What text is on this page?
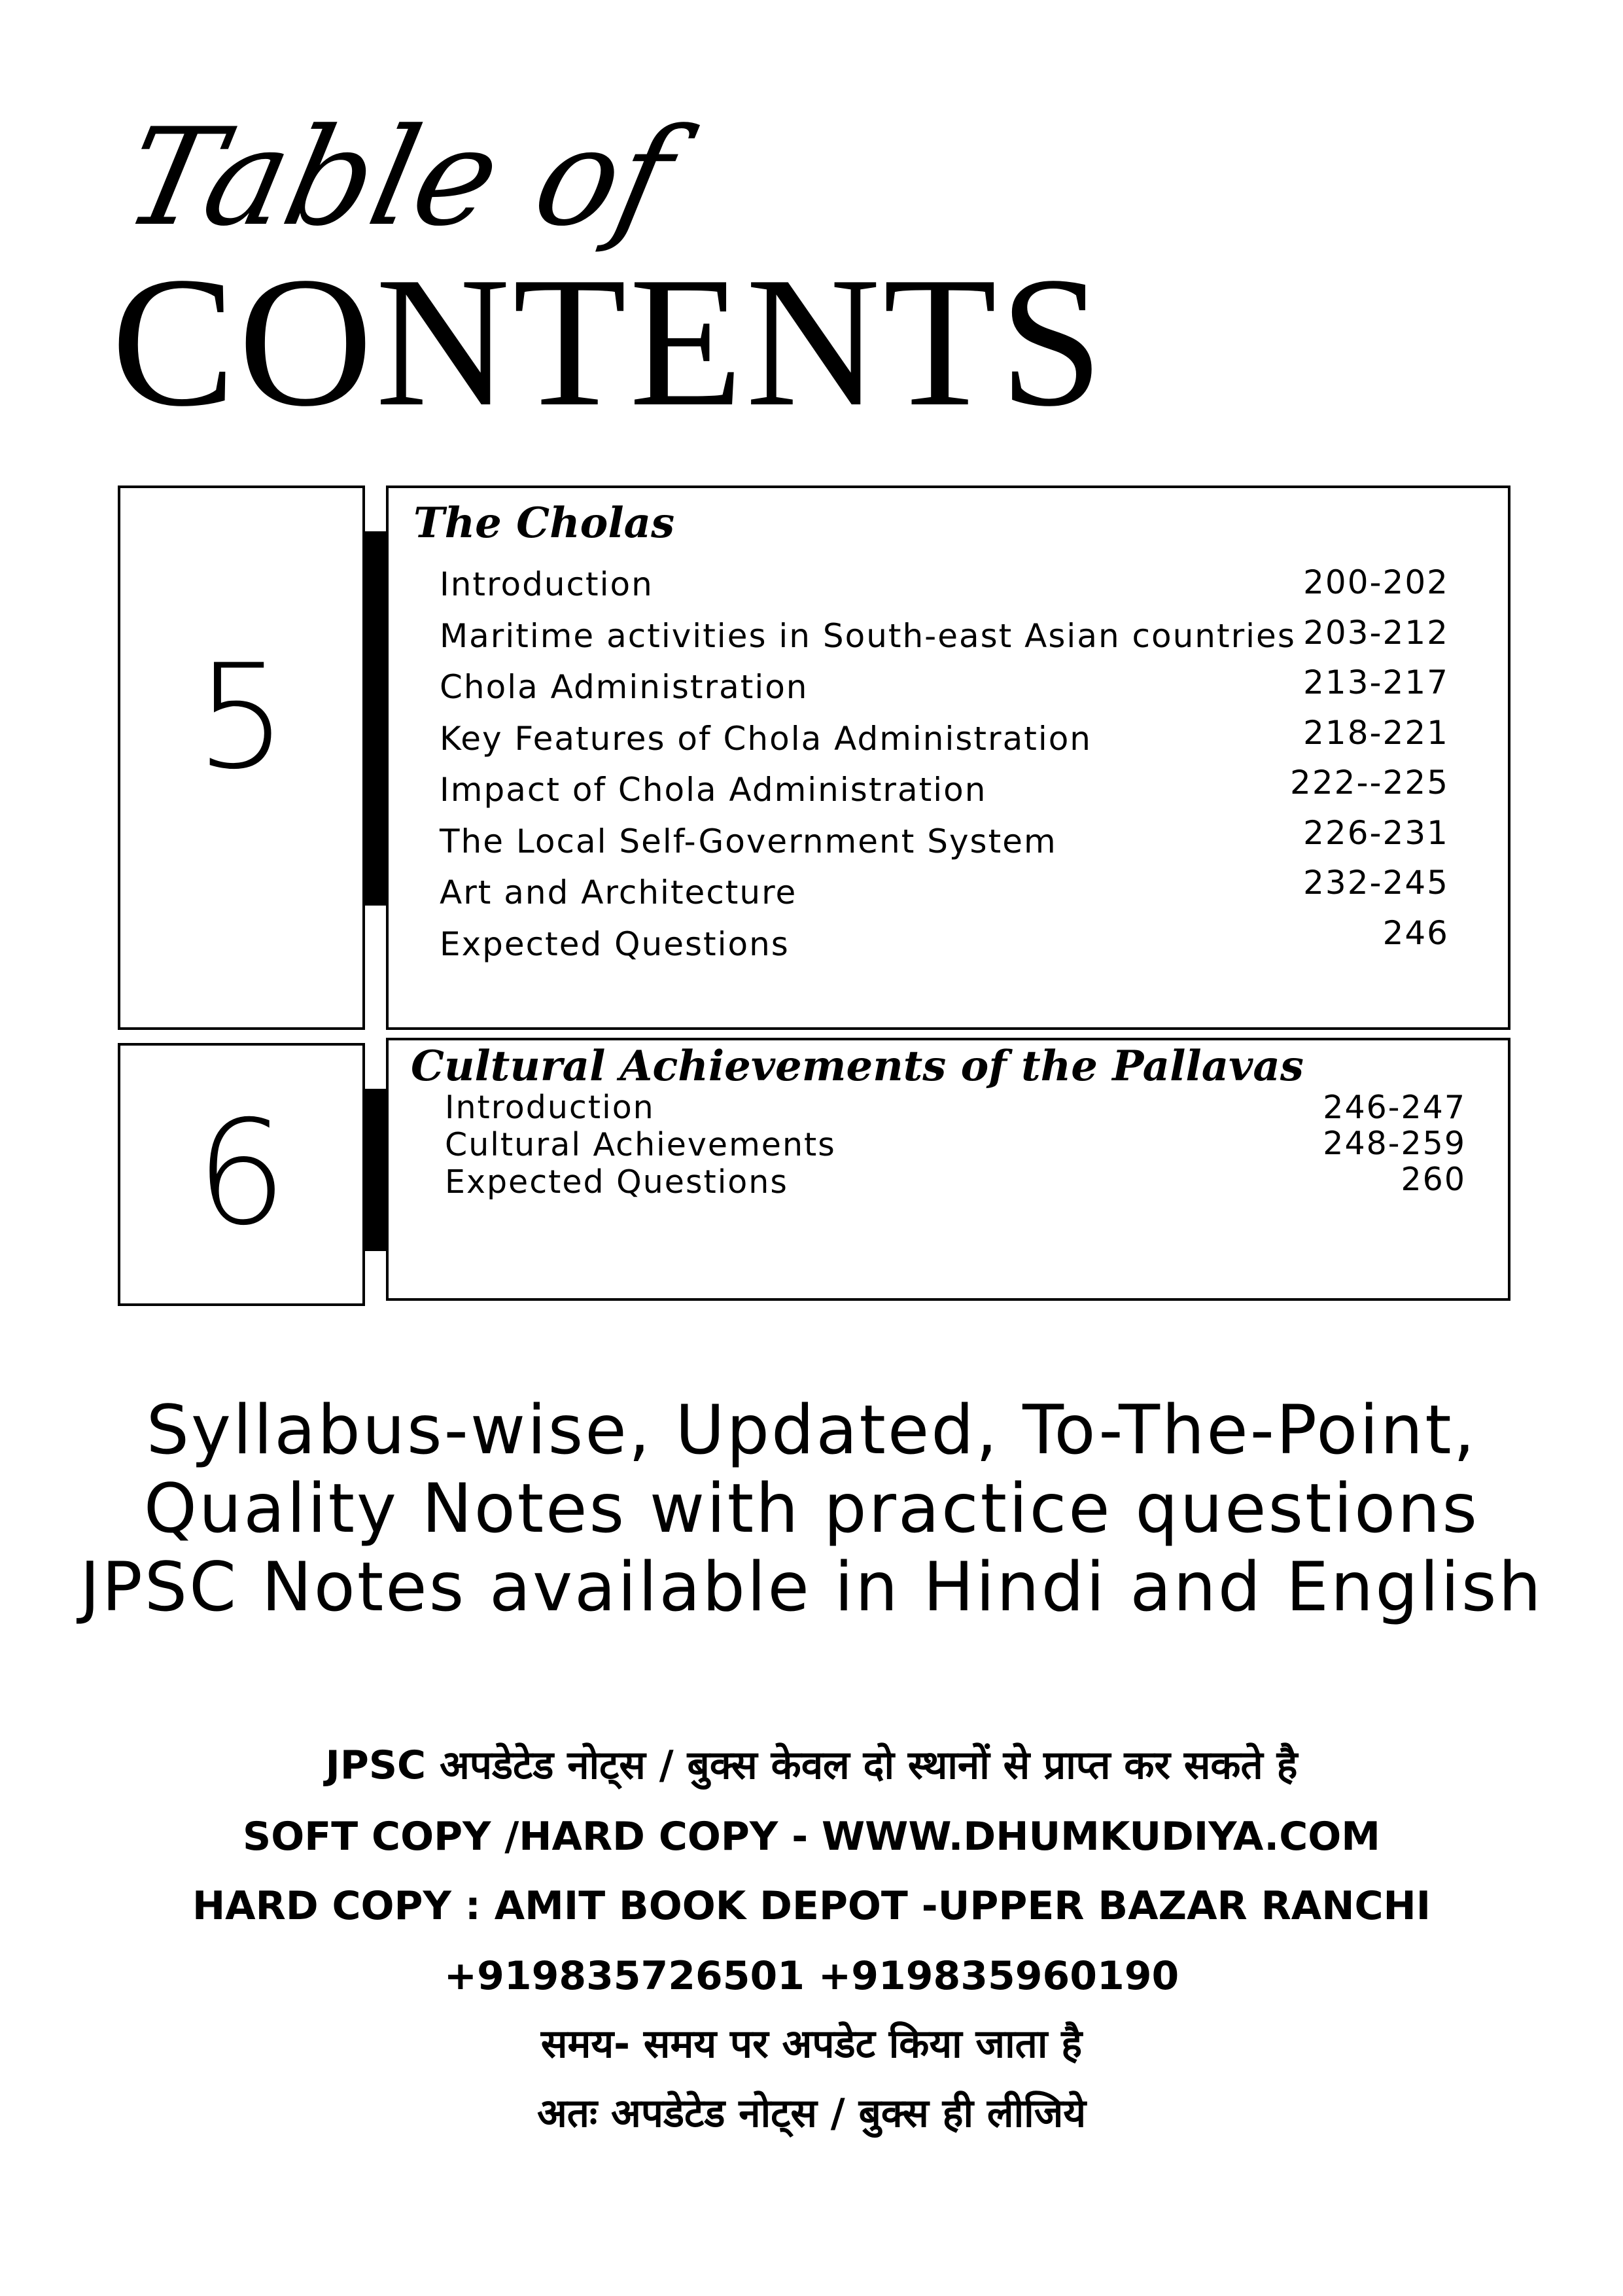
Table of
CONTENTS
5
The Cholas
Introduction	200-202
Maritime activities in South-east Asian countries 203-212
Chola Administration	213-217
Key Features of Chola Administration	218-221
Impact of Chola Administration	222--225
The Local Self-Government System	226-231
Art and Architecture	232-245
Expected Questions	246
6
Cultural Achievements of the Pallavas
Introduction	246-247
Cultural Achievements	248-259
Expected Questions	260
Syllabus-wise, Updated, To-The-Point,
Quality Notes with practice questions
JPSC Notes available in Hindi and English
JPSC अपडेटेड नोट्स / बुक्स केवल दो स्थानों से प्राप्त कर सकते है
SOFT COPY /HARD COPY - WWW.DHUMKUDIYA.COM
HARD COPY : AMIT BOOK DEPOT -UPPER BAZAR RANCHI
+919835726501 +919835960190
समय- समय पर अपडेट किया जाता है
अतः अपडेटेड नोट्स / बुक्स ही लीजिये
